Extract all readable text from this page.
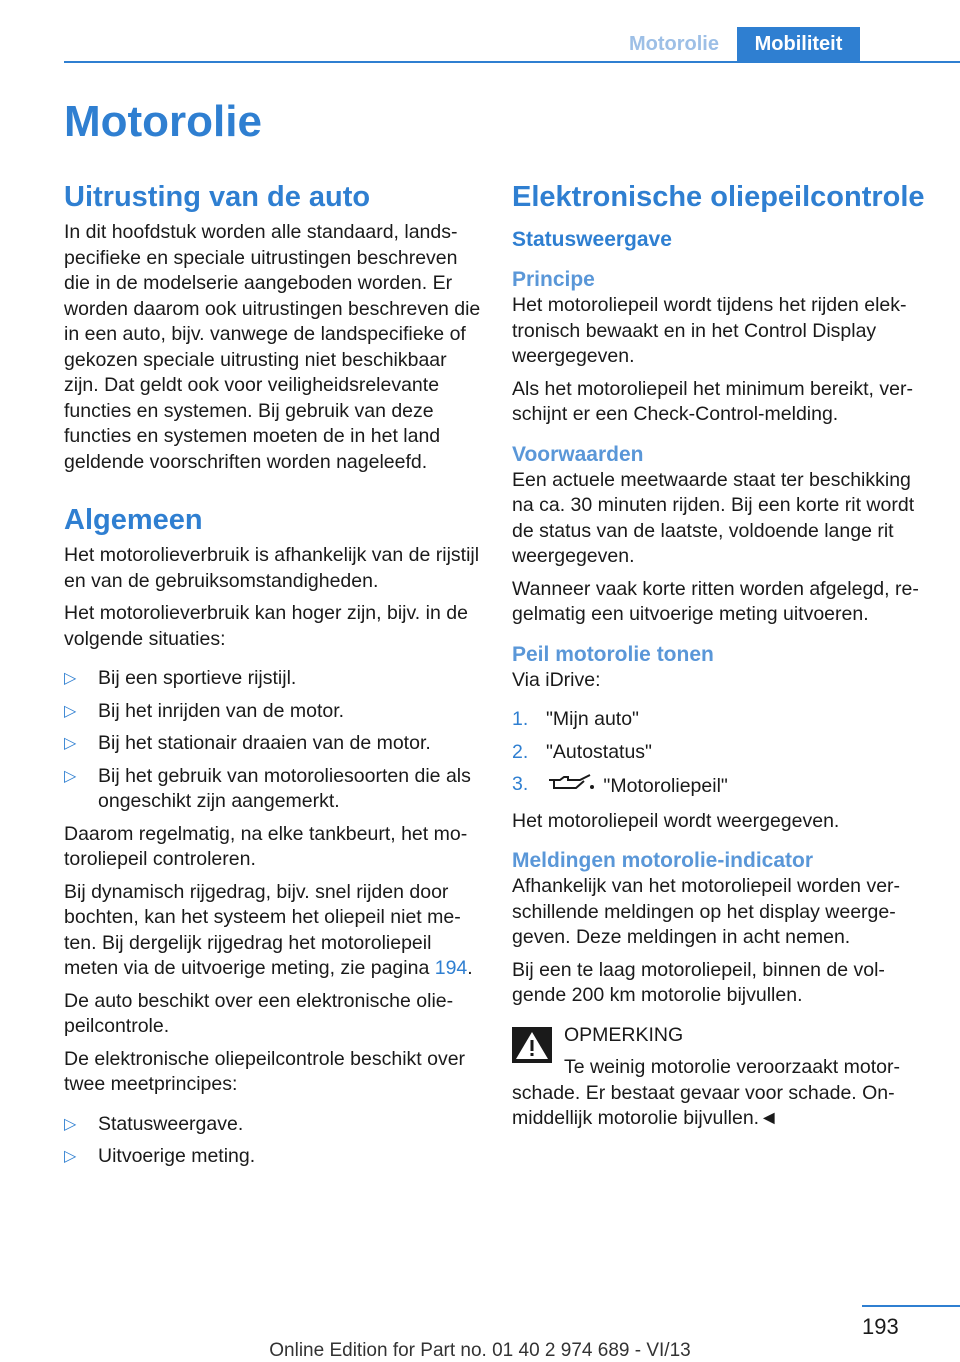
Motorolie	Mobiliteit
Motorolie
Uitrusting van de auto

In dit hoofdstuk worden alle standaard, landspecifieke en speciale uitrustingen beschreven die in de modelserie aangeboden worden. Er worden daarom ook uitrustingen beschreven die in een auto, bijv. vanwege de landspecifieke of gekozen speciale uitrusting niet beschikbaar zijn. Dat geldt ook voor veiligheidsrelevante functies en systemen. Bij gebruik van deze functies en systemen moeten de in het land geldende voorschriften worden nageleefd.

Algemeen

Het motorolieverbruik is afhankelijk van de rijstijl en van de gebruiksomstandigheden.

Het motorolieverbruik kan hoger zijn, bijv. in de volgende situaties:

▷ Bij een sportieve rijstijl.
▷ Bij het inrijden van de motor.
▷ Bij het stationair draaien van de motor.
▷ Bij het gebruik van motoroliesoorten die als ongeschikt zijn aangemerkt.

Daarom regelmatig, na elke tankbeurt, het motoroliepeil controleren.

Bij dynamisch rijgedrag, bijv. snel rijden door bochten, kan het systeem het oliepeil niet meten. Bij dergelijk rijgedrag het motoroliepeil meten via de uitvoerige meting, zie pagina 194.

De auto beschikt over een elektronische oliepeilcontrole.

De elektronische oliepeilcontrole beschikt over twee meetprincipes:

▷ Statusweergave.
▷ Uitvoerige meting.
Elektronische oliepeilcontrole
Statusweergave
Principe

Het motoroliepeil wordt tijdens het rijden elektronisch bewaakt en in het Control Display weergegeven.

Als het motoroliepeil het minimum bereikt, verschijnt er een Check-Control-melding.

Voorwaarden

Een actuele meetwaarde staat ter beschikking na ca. 30 minuten rijden. Bij een korte rit wordt de status van de laatste, voldoende lange rit weergegeven.

Wanneer vaak korte ritten worden afgelegd, regelmatig een uitvoerige meting uitvoeren.

Peil motorolie tonen

Via iDrive:

1. "Mijn auto"
2. "Autostatus"
3.	"Motoroliepeil"

Het motoroliepeil wordt weergegeven.

Meldingen motorolie-indicator

Afhankelijk van het motoroliepeil worden verschillende meldingen op het display weergegeven. Deze meldingen in acht nemen.

Bij een te laag motoroliepeil, binnen de volgende 200 km motorolie bijvullen.

OPMERKING

Te weinig motorolie veroorzaakt motorschade. Er bestaat gevaar voor schade. Onmiddellijk motorolie bijvullen.◄

193
Online Edition for Part no. 01 40 2 974 689 - VI/13
